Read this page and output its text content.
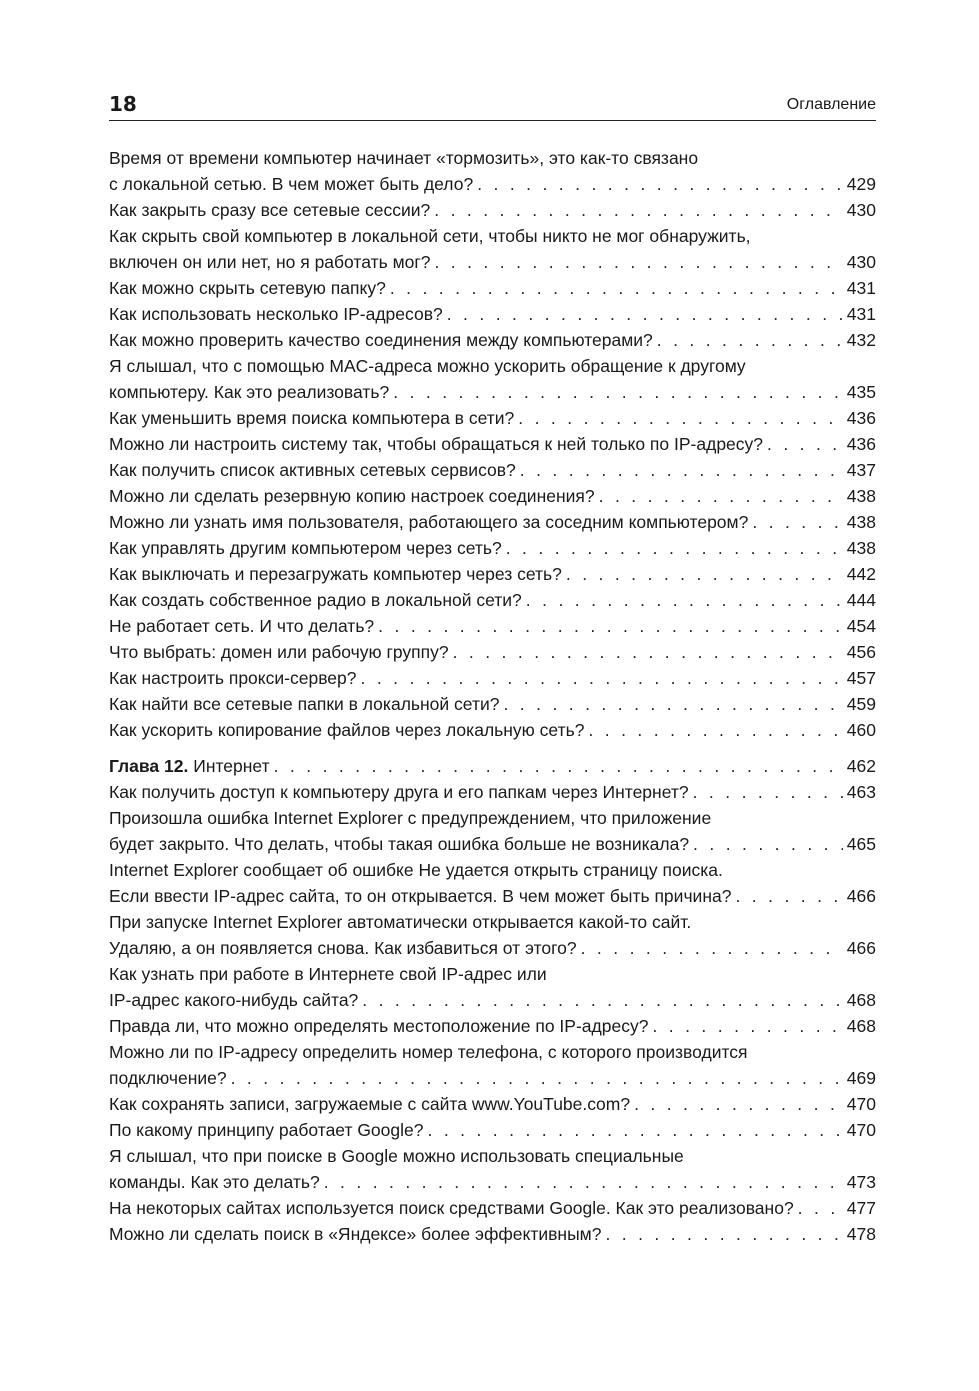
18	Оглавление
Время от времени компьютер начинает «тормозить», это как-то связано
с локальной сетью. В чем может быть дело? . . .	429
Как закрыть сразу все сетевые сессии? . . .	430
Как скрыть свой компьютер в локальной сети, чтобы никто не мог обнаружить,
включен он или нет, но я работать мог? . . .	430
Как можно скрыть сетевую папку? . . .	431
Как использовать несколько IP-адресов? . . .	431
Как можно проверить качество соединения между компьютерами? . . .	432
Я слышал, что с помощью MAC-адреса можно ускорить обращение к другому
компьютеру. Как это реализовать? . . .	435
Как уменьшить время поиска компьютера в сети? . . .	436
Можно ли настроить систему так, чтобы обращаться к ней только по IP-адресу? . . .	436
Как получить список активных сетевых сервисов? . . .	437
Можно ли сделать резервную копию настроек соединения? . . .	438
Можно ли узнать имя пользователя, работающего за соседним компьютером? . . .	438
Как управлять другим компьютером через сеть? . . .	438
Как выключать и перезагружать компьютер через сеть? . . .	442
Как создать собственное радио в локальной сети? . . .	444
Не работает сеть. И что делать? . . .	454
Что выбрать: домен или рабочую группу? . . .	456
Как настроить прокси-сервер? . . .	457
Как найти все сетевые папки в локальной сети? . . .	459
Как ускорить копирование файлов через локальную сеть? . . .	460
Глава 12. Интернет . . .	462
Как получить доступ к компьютеру друга и его папкам через Интернет? . . .	463
Произошла ошибка Internet Explorer с предупреждением, что приложение
будет закрыто. Что делать, чтобы такая ошибка больше не возникала? . . .	465
Internet Explorer сообщает об ошибке Не удается открыть страницу поиска.
Если ввести IP-адрес сайта, то он открывается. В чем может быть причина? . . .	466
При запуске Internet Explorer автоматически открывается какой-то сайт.
Удаляю, а он появляется снова. Как избавиться от этого? . . .	466
Как узнать при работе в Интернете свой IP-адрес или
IP-адрес какого-нибудь сайта? . . .	468
Правда ли, что можно определять местоположение по IP-адресу? . . .	468
Можно ли по IP-адресу определить номер телефона, с которого производится
подключение? . . .	469
Как сохранять записи, загружаемые с сайта www.YouTube.com? . . .	470
По какому принципу работает Google? . . .	470
Я слышал, что при поиске в Google можно использовать специальные
команды. Как это делать? . . .	473
На некоторых сайтах используется поиск средствами Google. Как это реализовано? . . .	477
Можно ли сделать поиск в «Яндексе» более эффективным? . . .	478
